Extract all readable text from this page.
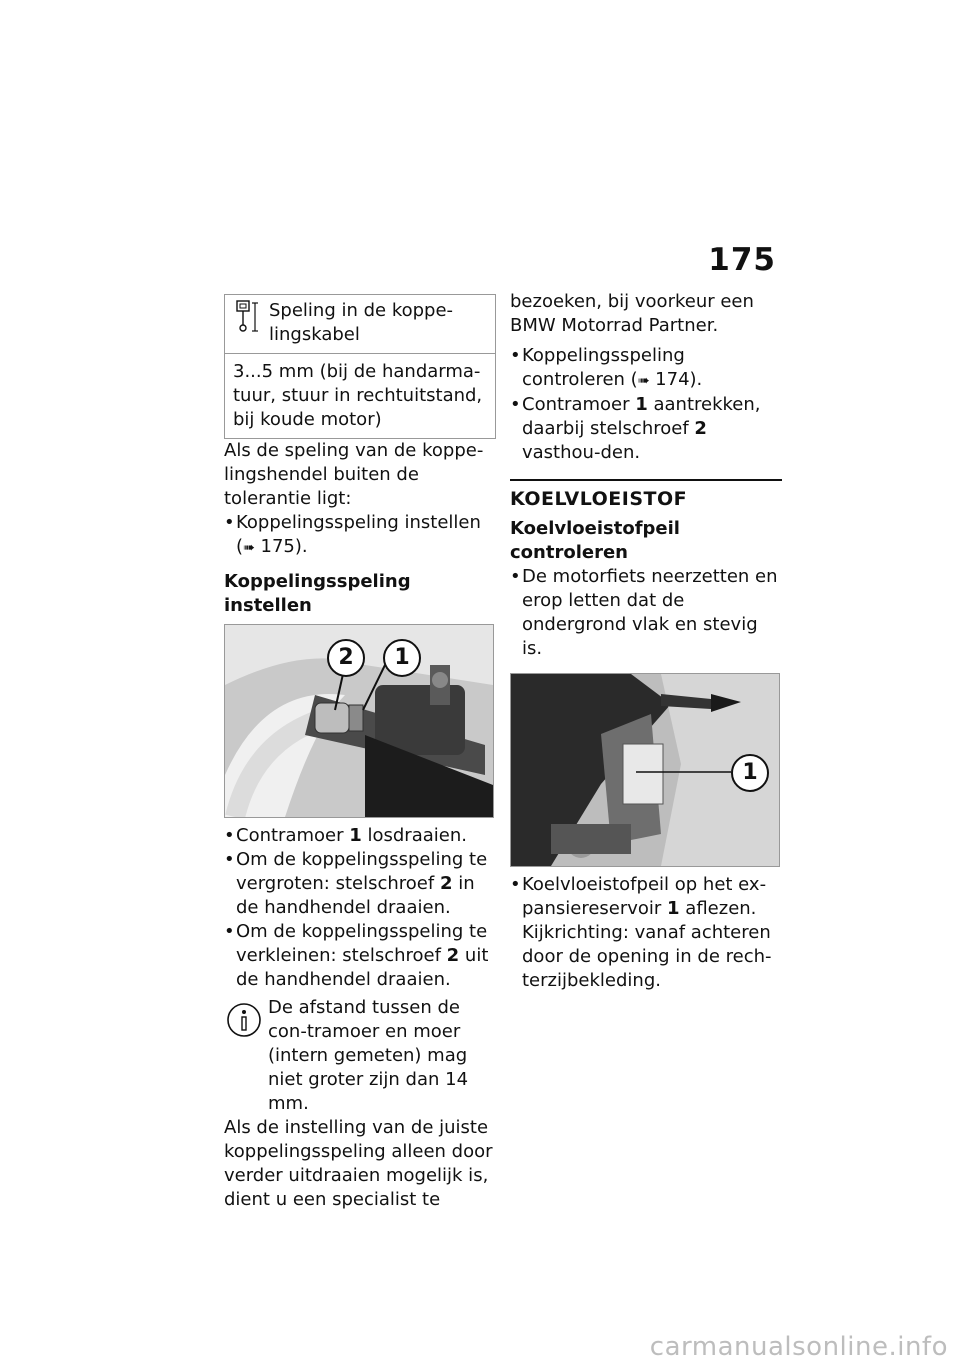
175
Speling in de koppe-lingskabel
3...5 mm (bij de handarma-tuur, stuur in rechtuitstand, bij koude motor)

Als de speling van de koppe-lingshendel buiten de tolerantie ligt:

• Koppelingsspeling instellen (➠ 175).

Koppelingsspeling instellen

2	1
• Contramoer 1 losdraaien.
• Om de koppelingsspeling te vergroten: stelschroef 2 in de handhendel draaien.
• Om de koppelingsspeling te verkleinen: stelschroef 2 uit de handhendel draaien.
De afstand tussen de con-tramoer en moer (intern gemeten) mag niet groter zijn dan 14 mm.

Als de instelling van de juiste koppelingsspeling alleen door verder uitdraaien mogelijk is, dient u een specialist te

bezoeken, bij voorkeur een BMW Motorrad Partner.

• Koppelingsspeling controleren (➠ 174).
• Contramoer 1 aantrekken, daarbij stelschroef 2 vasthou-den.

KOELVLOEISTOF

Koelvloeistofpeil controleren

• De motorfiets neerzetten en erop letten dat de ondergrond vlak en stevig is.
1
• Koelvloeistofpeil op het ex-pansiereservoir 1 aflezen. Kijkrichting: vanaf achteren door de opening in de rech-terzijbekleding.
carmanualsonline.info
